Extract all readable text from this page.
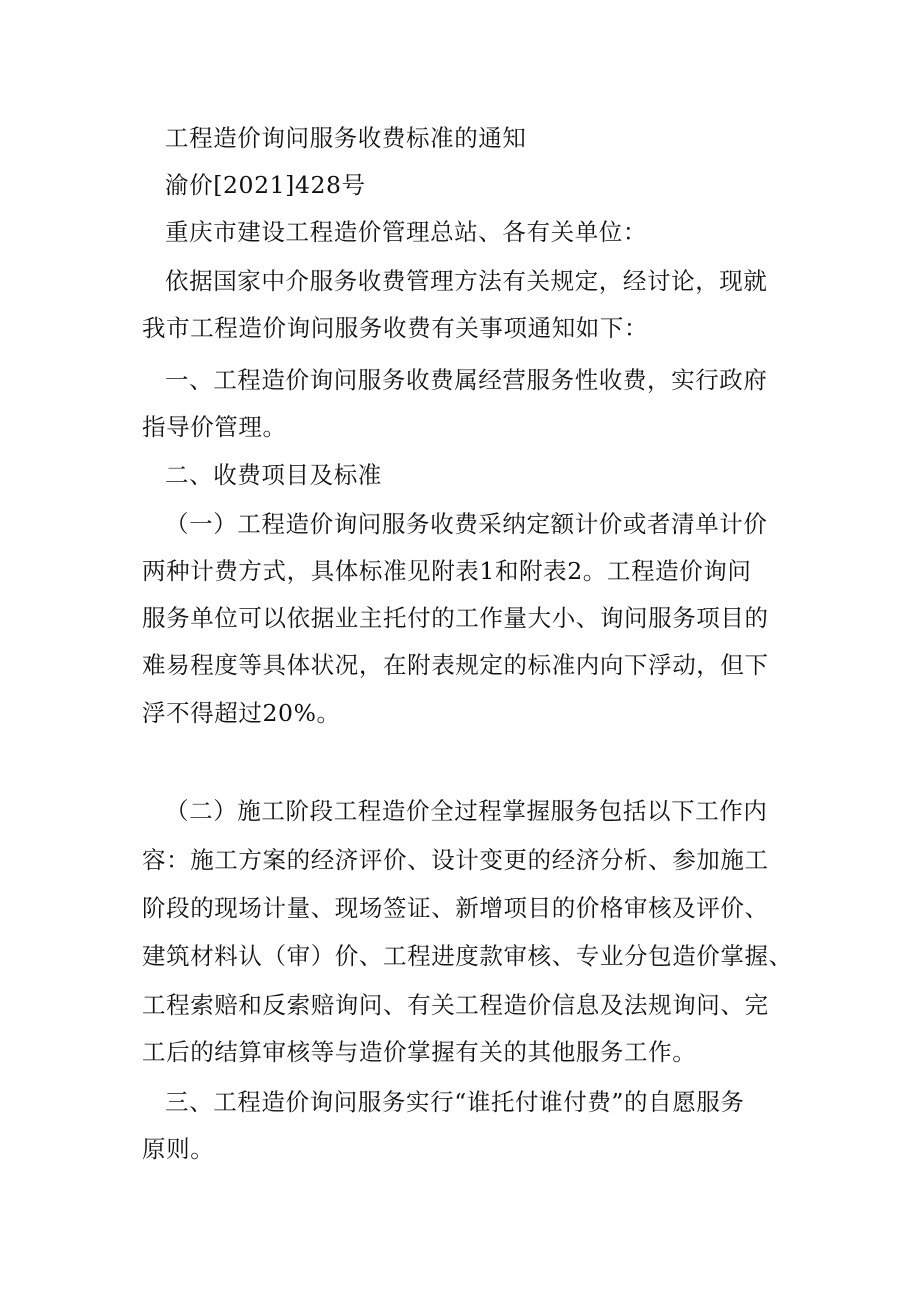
工程造价询问服务收费标准的通知
渝价[2021]428号
重庆市建设工程造价管理总站、各有关单位：
依据国家中介服务收费管理方法有关规定，经讨论，现就
我市工程造价询问服务收费有关事项通知如下：
一、工程造价询问服务收费属经营服务性收费，实行政府
指导价管理。
二、收费项目及标准
（一）工程造价询问服务收费采纳定额计价或者清单计价
两种计费方式，具体标准见附表1和附表2。工程造价询问
服务单位可以依据业主托付的工作量大小、询问服务项目的
难易程度等具体状况，在附表规定的标准内向下浮动，但下
浮不得超过20%。
（二）施工阶段工程造价全过程掌握服务包括以下工作内
容：施工方案的经济评价、设计变更的经济分析、参加施工
阶段的现场计量、现场签证、新增项目的价格审核及评价、
建筑材料认（审）价、工程进度款审核、专业分包造价掌握、
工程索赔和反索赔询问、有关工程造价信息及法规询问、完
工后的结算审核等与造价掌握有关的其他服务工作。
三、工程造价询问服务实行“谁托付谁付费”的自愿服务
原则。
